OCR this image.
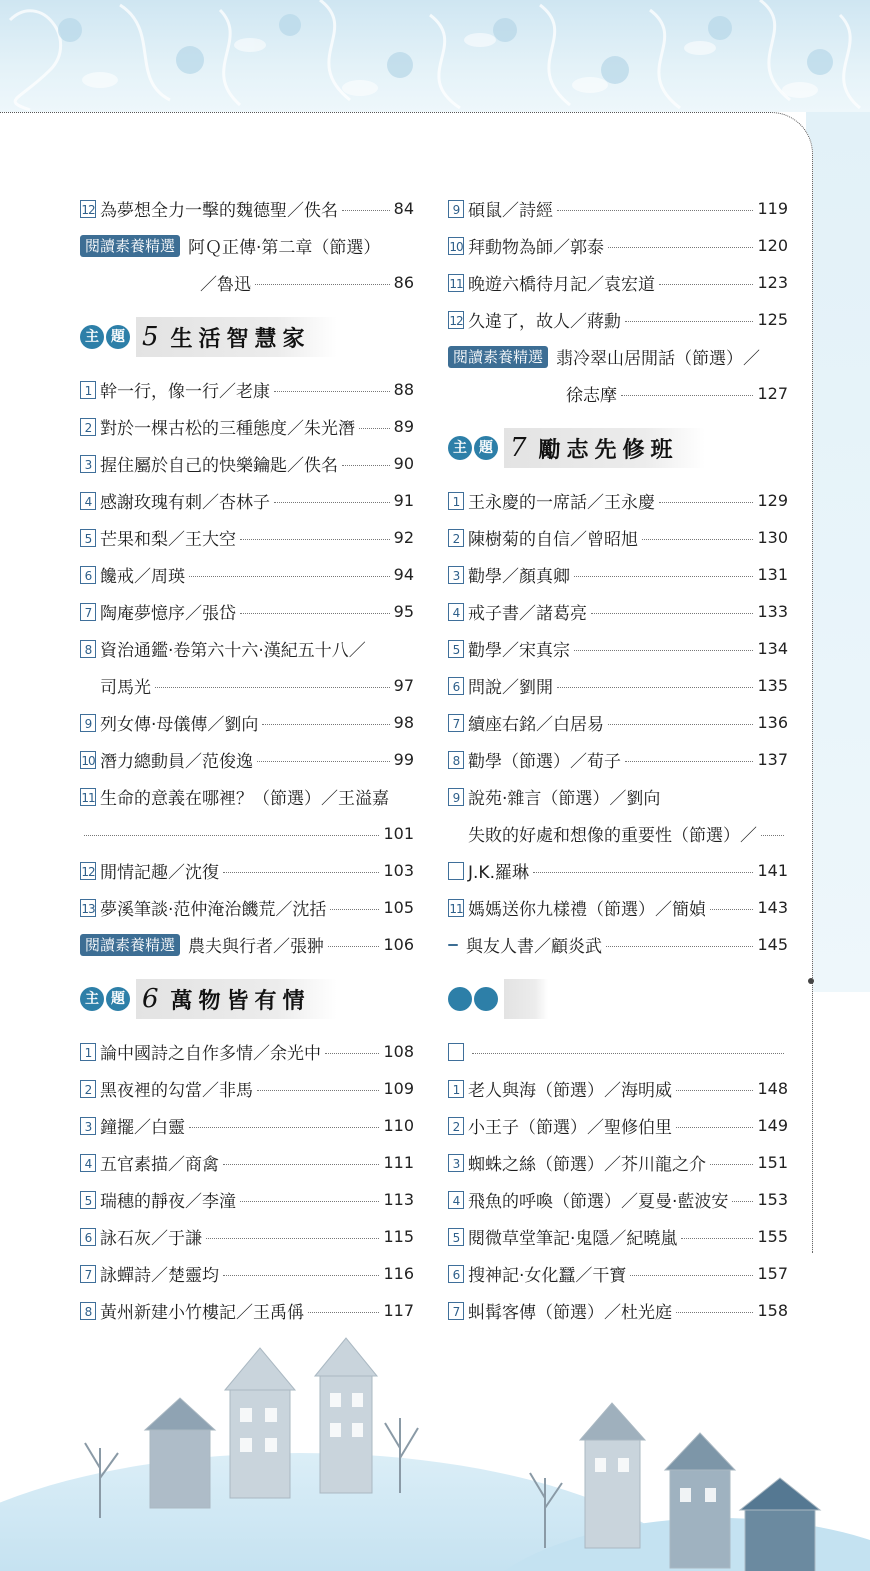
12 為夢想全力一擊的魏德聖／佚名	84
閱讀素養精選 阿Ｑ正傳‧第二章（節選）
／魯迅	86
主 題 5 生活智慧家
1 幹一行，像一行／老康	88
2 對於一棵古松的三種態度／朱光潛 89
3 握住屬於自己的快樂鑰匙／佚名	90
4 感謝玫瑰有刺／杏林子	91
5 芒果和梨／王大空	92
6 饞戒／周瑛	94
7 陶庵夢憶序／張岱	95
8 資治通鑑‧卷第六十六‧漢紀五十八／
司馬光	97
9 列女傳‧母儀傳／劉向	98
10 潛力總動員／范俊逸	99
11 生命的意義在哪裡？（節選）／王溢嘉
101
12 閒情記趣／沈復	103
13 夢溪筆談‧范仲淹治饑荒／沈括	105
閱讀素養精選 農夫與行者／張翀	106
主 題 6 萬物皆有情
1 論中國詩之自作多情／余光中	108
2 黑夜裡的勾當／非馬	109
3 鐘擺／白靈	110
4 五官素描／商禽	111
5 瑞穗的靜夜／李潼	113
6 詠石灰／于謙	115
7 詠蟬詩／楚靈均	116
8 黃州新建小竹樓記／王禹偁	117
9 碩鼠／詩經	119
10 拜動物為師／郭泰	120
11 晚遊六橋待月記／袁宏道	123
12 久違了，故人／蔣勳	125
閱讀素養精選 翡冷翠山居閒話（節選）／
徐志摩	127
主 題 7 勵志先修班
1 王永慶的一席話／王永慶	129
2 陳樹菊的自信／曾昭旭	130
3 勸學／顏真卿	131
4 戒子書／諸葛亮	133
5 勸學／宋真宗	134
6 問說／劉開	135
7 續座右銘／白居易	136
8 勸學（節選）／荀子	137
9 說苑‧雜言（節選）／劉向
失敗的好處和想像的重要性（節選）／
J.K.羅琳	141
11 媽媽送你九樣禮（節選）／簡媜	143
與友人書／顧炎武	145
1 老人與海（節選）／海明威	148
2 小王子（節選）／聖修伯里	149
3 蜘蛛之絲（節選）／芥川龍之介	151
4 飛魚的呼喚（節選）／夏曼‧藍波安 153
5 閱微草堂筆記‧鬼隱／紀曉嵐	155
6 搜神記‧女化蠶／干寶	157
7 虯髯客傳（節選）／杜光庭	158
